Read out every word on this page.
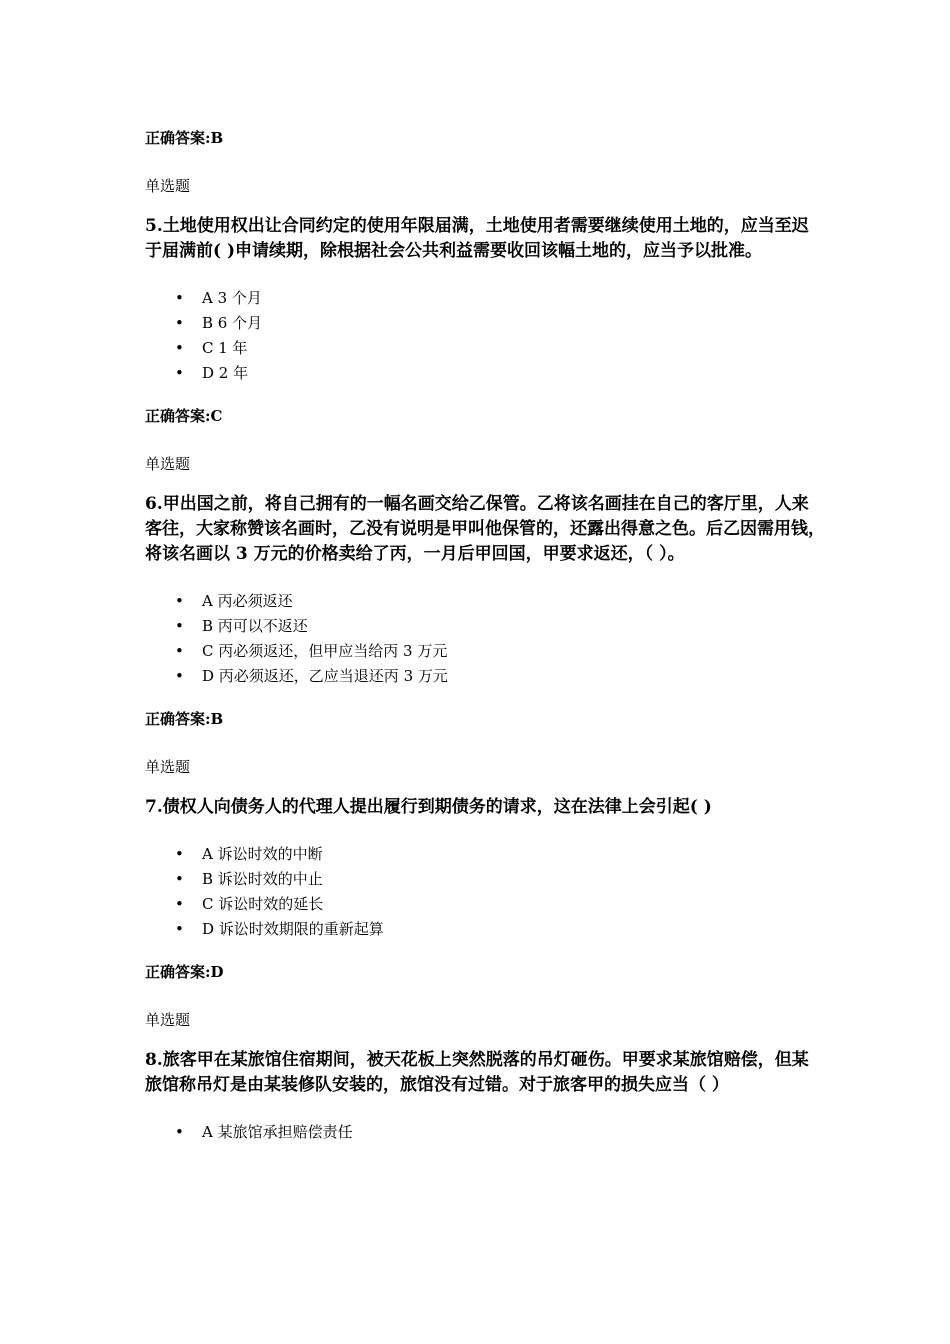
正确答案:B

单选题

5.土地使用权出让合同约定的使用年限届满，土地使用者需要继续使用土地的，应当至迟于届满前( )申请续期，除根据社会公共利益需要收回该幅土地的，应当予以批准。

• A 3 个月
• B 6 个月
• C 1 年
• D 2 年

正确答案:C

单选题

6.甲出国之前，将自己拥有的一幅名画交给乙保管。乙将该名画挂在自己的客厅里，人来客往，大家称赞该名画时，乙没有说明是甲叫他保管的，还露出得意之色。后乙因需用钱，将该名画以 3 万元的价格卖给了丙，一月后甲回国，甲要求返还，（ ）。

• A 丙必须返还
• B 丙可以不返还
• C 丙必须返还，但甲应当给丙 3 万元
• D 丙必须返还，乙应当退还丙 3 万元

正确答案:B

单选题

7.债权人向债务人的代理人提出履行到期债务的请求，这在法律上会引起( )

• A 诉讼时效的中断
• B 诉讼时效的中止
• C 诉讼时效的延长
• D 诉讼时效期限的重新起算

正确答案:D

单选题

8.旅客甲在某旅馆住宿期间，被天花板上突然脱落的吊灯砸伤。甲要求某旅馆赔偿，但某旅馆称吊灯是由某装修队安装的，旅馆没有过错。对于旅客甲的损失应当（ ）

• A 某旅馆承担赔偿责任
